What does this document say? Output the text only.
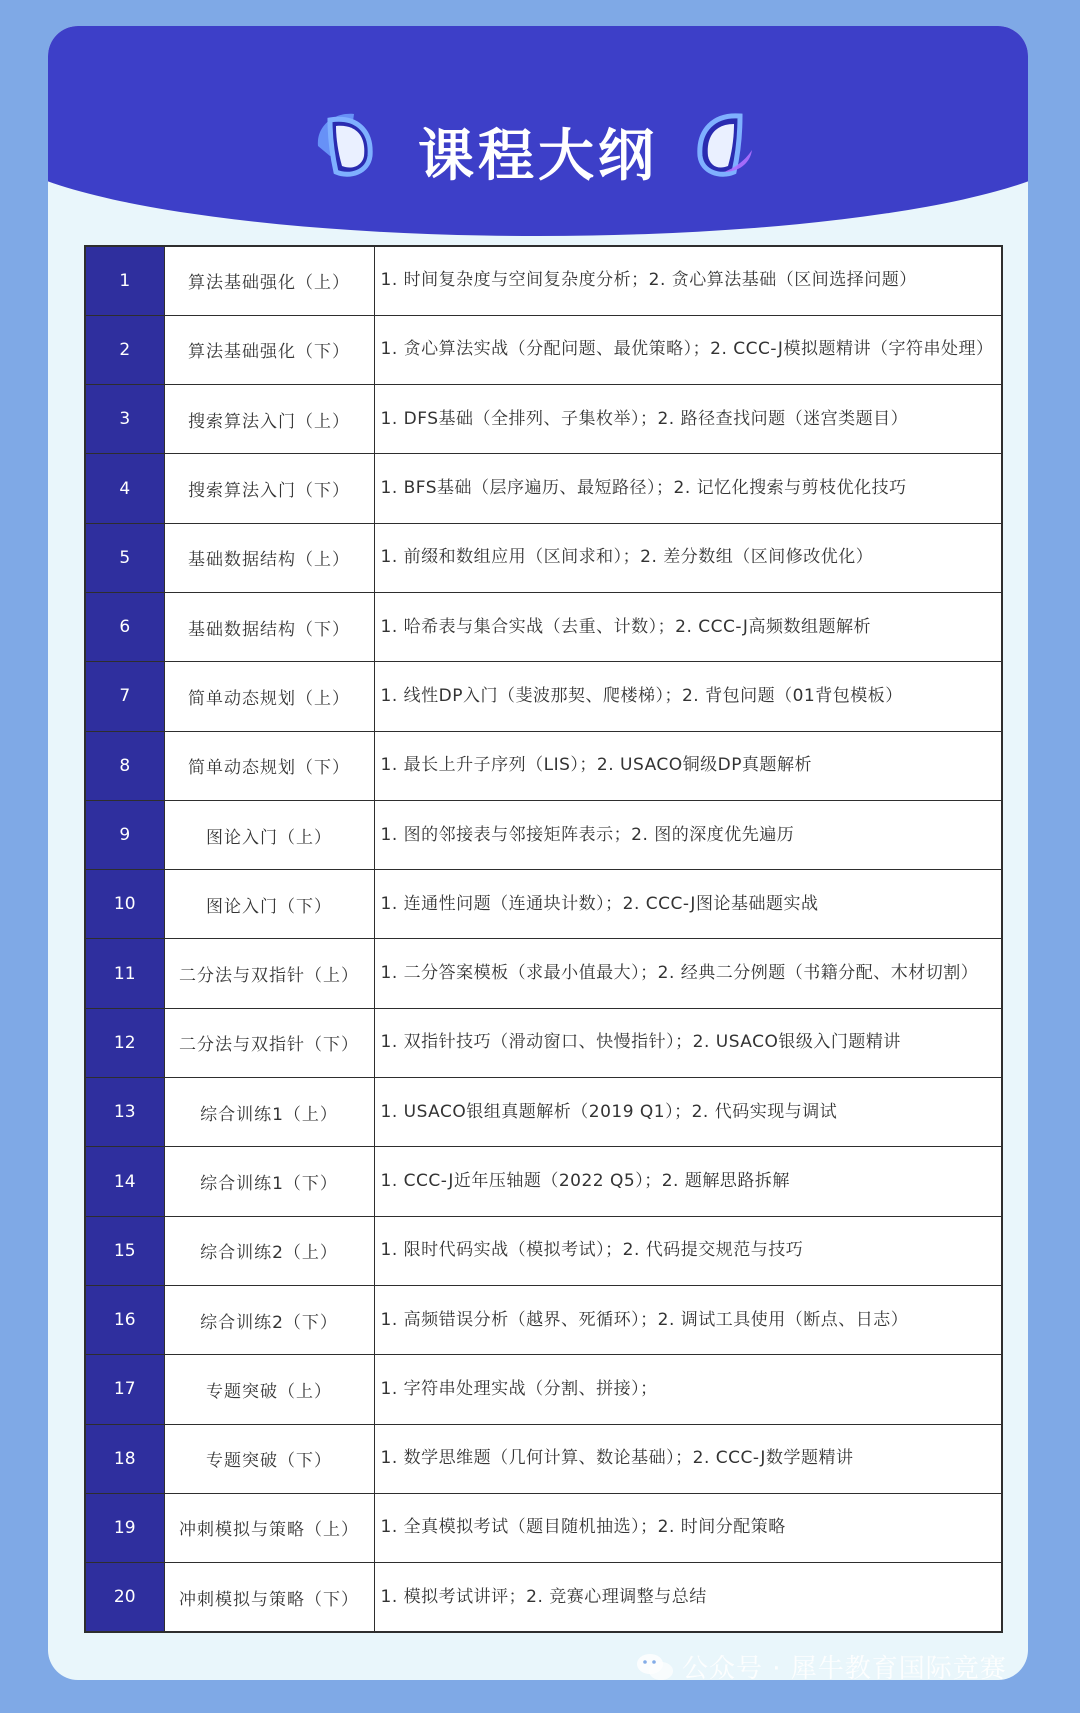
课程大纲
1	算法基础强化（上）	1. 时间复杂度与空间复杂度分析；2. 贪心算法基础（区间选择问题）
2	算法基础强化（下）	1. 贪心算法实战（分配问题、最优策略）；2. CCC-J模拟题精讲（字符串处理）
3	搜索算法入门（上）	1. DFS基础（全排列、子集枚举）；2. 路径查找问题（迷宫类题目）
4	搜索算法入门（下）	1. BFS基础（层序遍历、最短路径）；2. 记忆化搜索与剪枝优化技巧
5	基础数据结构（上）	1. 前缀和数组应用（区间求和）；2. 差分数组（区间修改优化）
6	基础数据结构（下）	1. 哈希表与集合实战（去重、计数）；2. CCC-J高频数组题解析
7	简单动态规划（上）	1. 线性DP入门（斐波那契、爬楼梯）；2. 背包问题（01背包模板）
8	简单动态规划（下）	1. 最长上升子序列（LIS）；2. USACO铜级DP真题解析
9	图论入门（上）	1. 图的邻接表与邻接矩阵表示；2. 图的深度优先遍历
10	图论入门（下）	1. 连通性问题（连通块计数）；2. CCC-J图论基础题实战
11	二分法与双指针（上）	1. 二分答案模板（求最小值最大）；2. 经典二分例题（书籍分配、木材切割）
12	二分法与双指针（下）	1. 双指针技巧（滑动窗口、快慢指针）；2. USACO银级入门题精讲
13	综合训练1（上）	1. USACO银组真题解析（2019 Q1）；2. 代码实现与调试
14	综合训练1（下）	1. CCC-J近年压轴题（2022 Q5）；2. 题解思路拆解
15	综合训练2（上）	1. 限时代码实战（模拟考试）；2. 代码提交规范与技巧
16	综合训练2（下）	1. 高频错误分析（越界、死循环）；2. 调试工具使用（断点、日志）
17	专题突破（上）	1. 字符串处理实战（分割、拼接）；
18	专题突破（下）	1. 数学思维题（几何计算、数论基础）；2. CCC-J数学题精讲
19	冲刺模拟与策略（上）	1. 全真模拟考试（题目随机抽选）；2. 时间分配策略
20	冲刺模拟与策略（下）	1. 模拟考试讲评；2. 竞赛心理调整与总结
公众号 · 犀牛教育国际竞赛
